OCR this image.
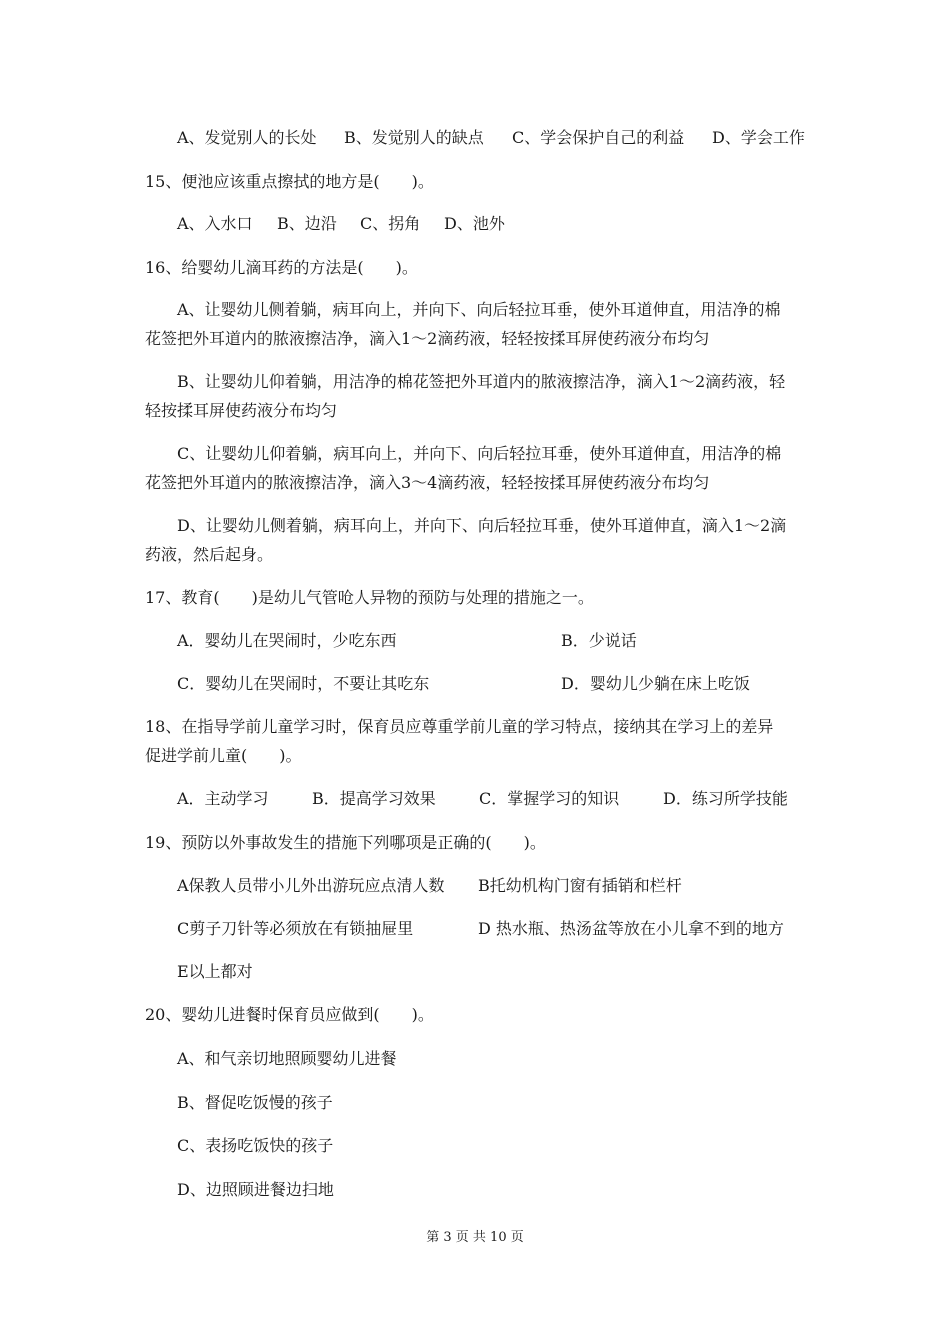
A、发觉别人的长处 B、发觉别人的缺点 C、学会保护自己的利益 D、学会工作
15、便池应该重点擦拭的地方是(　　)。
A、入水口 B、边沿 C、拐角 D、池外
16、给婴幼儿滴耳药的方法是(　　)。
A、让婴幼儿侧着躺，病耳向上，并向下、向后轻拉耳垂，使外耳道伸直，用洁净的棉
花签把外耳道内的脓液擦洁净，滴入1～2滴药液，轻轻按揉耳屏使药液分布均匀
B、让婴幼儿仰着躺，用洁净的棉花签把外耳道内的脓液擦洁净，滴入1～2滴药液，轻
轻按揉耳屏使药液分布均匀
C、让婴幼儿仰着躺，病耳向上，并向下、向后轻拉耳垂，使外耳道伸直，用洁净的棉
花签把外耳道内的脓液擦洁净，滴入3～4滴药液，轻轻按揉耳屏使药液分布均匀
D、让婴幼儿侧着躺，病耳向上，并向下、向后轻拉耳垂，使外耳道伸直，滴入1～2滴
药液，然后起身。
17、教育(　　)是幼儿气管呛人异物的预防与处理的措施之一。
A．婴幼儿在哭闹时，少吃东西	B．少说话
C．婴幼儿在哭闹时，不要让其吃东	D．婴幼儿少躺在床上吃饭
18、在指导学前儿童学习时，保育员应尊重学前儿童的学习特点，接纳其在学习上的差异
促进学前儿童(　　)。
A．主动学习	B．提高学习效果	C．掌握学习的知识	D．练习所学技能
19、预防以外事故发生的措施下列哪项是正确的(　　)。
A保教人员带小儿外出游玩应点清人数 B托幼机构门窗有插销和栏杆
C剪子刀针等必须放在有锁抽屉里	D 热水瓶、热汤盆等放在小儿拿不到的地方
E以上都对
20、婴幼儿进餐时保育员应做到(　　)。
A、和气亲切地照顾婴幼儿进餐
B、督促吃饭慢的孩子
C、表扬吃饭快的孩子
D、边照顾进餐边扫地
第 3 页 共 10 页
